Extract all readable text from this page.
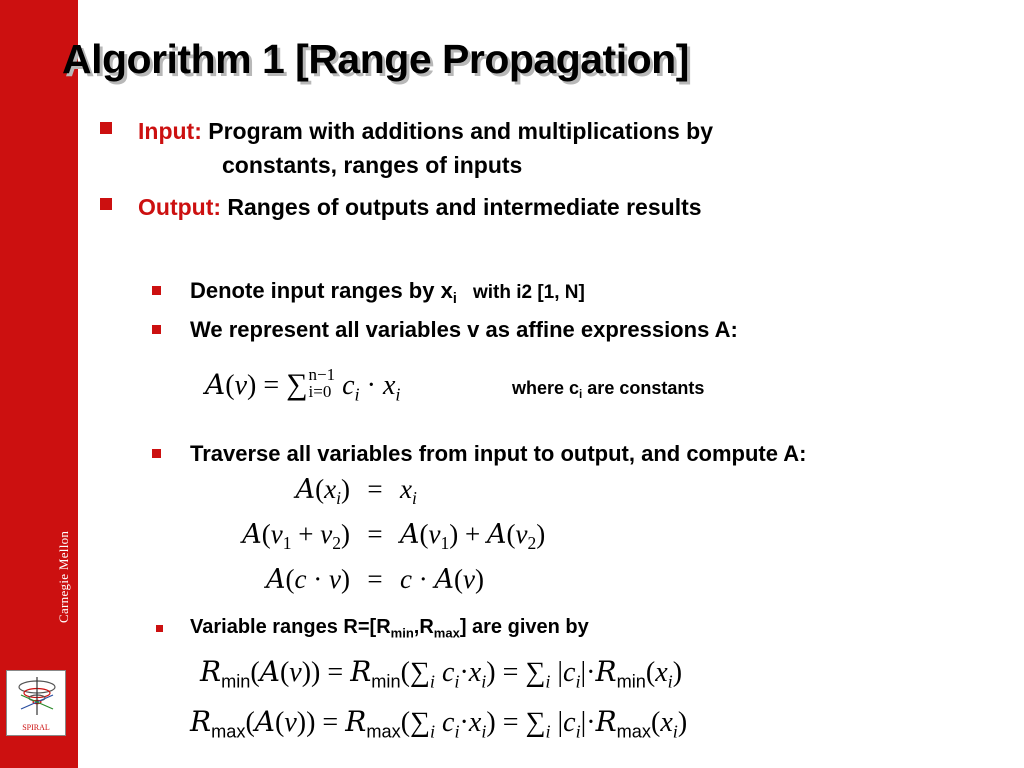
Carnegie Mellon
SPIRAL
Algorithm 1 [Range Propagation]
Input: Program with additions and multiplications by
constants, ranges of inputs
Output: Ranges of outputs and intermediate results
Denote input ranges by $x_i$ with i2 [1, N]
We represent all variables v as affine expressions A:
A(v) = ∑ n−1
i=0 $c_i \cdot x_i$	where $c_i$ are constants
Traverse all variables from input to output, and compute A:
$A(x_i) = x_i$
$A(v_1 + v_2) = A(v_1) + A(v_2)$
A(c · v) = c · A(v)
Variable ranges $R=[R_{min},R_{max}]$ are given by
$R_{min}(A(v)) = R_{min}(\sum_i$ $c_i\cdot x_i) = \sum_i$ $|c_i|\cdot R_{min}(x_i)$
$R_{max}(A(v)) = R_{max}(\sum_i$ $c_i\cdot x_i) = \sum_i$ $|c_i|\cdot R_{max}(x_i)$
